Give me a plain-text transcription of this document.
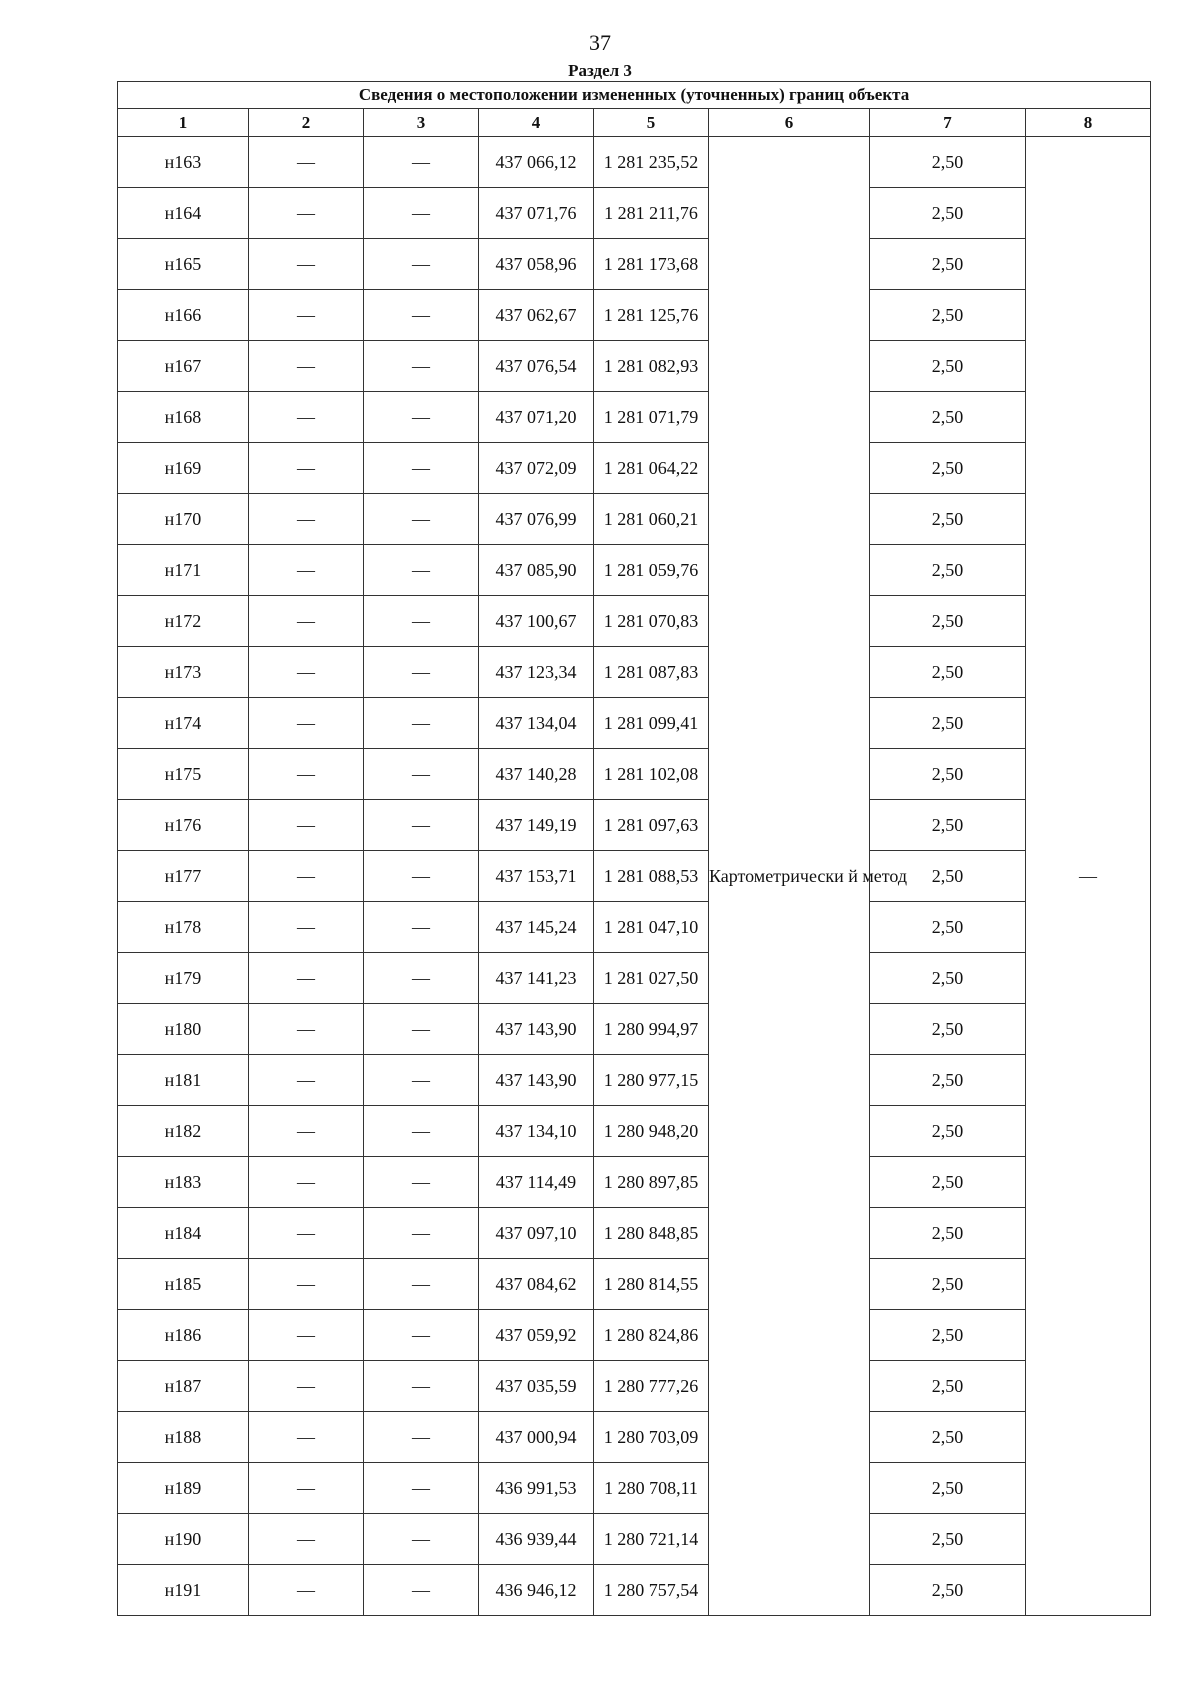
37
Раздел 3
Сведения о местоположении измененных (уточненных) границ объекта							
1	2	3	4	5	6	7	8
н163	—	—	437 066,12	1 281 235,52	Картометрически й метод	2,50	—
н164	—	—	437 071,76	1 281 211,76		2,50	
н165	—	—	437 058,96	1 281 173,68		2,50	
н166	—	—	437 062,67	1 281 125,76		2,50	
н167	—	—	437 076,54	1 281 082,93		2,50	
н168	—	—	437 071,20	1 281 071,79		2,50	
н169	—	—	437 072,09	1 281 064,22		2,50	
н170	—	—	437 076,99	1 281 060,21		2,50	
н171	—	—	437 085,90	1 281 059,76		2,50	
н172	—	—	437 100,67	1 281 070,83		2,50	
н173	—	—	437 123,34	1 281 087,83		2,50	
н174	—	—	437 134,04	1 281 099,41		2,50	
н175	—	—	437 140,28	1 281 102,08		2,50	
н176	—	—	437 149,19	1 281 097,63		2,50	
н177	—	—	437 153,71	1 281 088,53		2,50	
н178	—	—	437 145,24	1 281 047,10		2,50	
н179	—	—	437 141,23	1 281 027,50		2,50	
н180	—	—	437 143,90	1 280 994,97		2,50	
н181	—	—	437 143,90	1 280 977,15		2,50	
н182	—	—	437 134,10	1 280 948,20		2,50	
н183	—	—	437 114,49	1 280 897,85		2,50	
н184	—	—	437 097,10	1 280 848,85		2,50	
н185	—	—	437 084,62	1 280 814,55		2,50	
н186	—	—	437 059,92	1 280 824,86		2,50	
н187	—	—	437 035,59	1 280 777,26		2,50	
н188	—	—	437 000,94	1 280 703,09		2,50	
н189	—	—	436 991,53	1 280 708,11		2,50	
н190	—	—	436 939,44	1 280 721,14		2,50	
н191	—	—	436 946,12	1 280 757,54		2,50	
